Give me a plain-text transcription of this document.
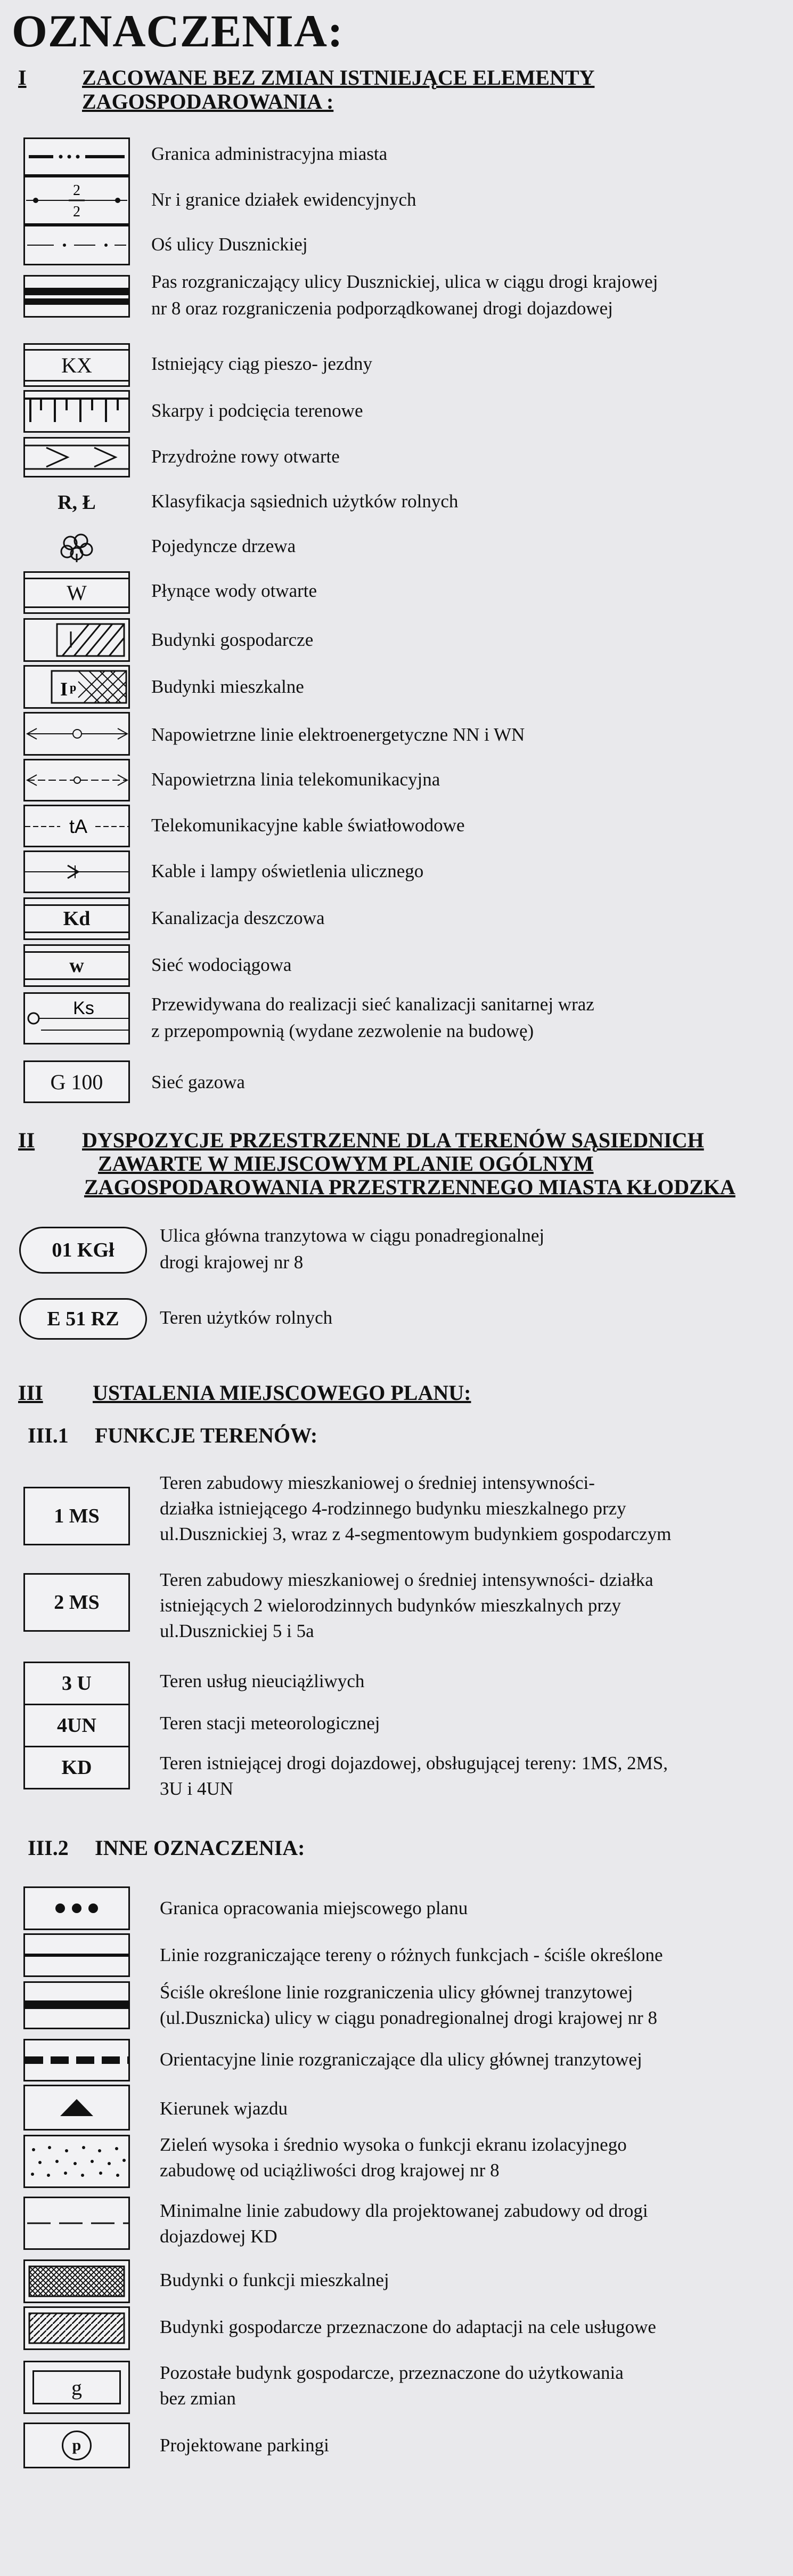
OZNACZENIA:
I	ZACOWANE BEZ ZMIAN ISTNIEJĄCE ELEMENTY
ZAGOSPODAROWANIA :
Granica administracyjna miasta
2
2
Nr i granice działek ewidencyjnych
Oś ulicy Dusznickiej
Pas rozgraniczający ulicy Dusznickiej, ulica w ciągu drogi krajowej
nr 8 oraz rozgraniczenia podporządkowanej drogi dojazdowej
KX	Istniejący ciąg pieszo- jezdny
Skarpy i podcięcia terenowe
Przydrożne rowy otwarte
R, Ł	Klasyfikacja sąsiednich użytków rolnych
Pojedyncze drzewa
W	Płynące wody otwarte
Budynki gospodarcze
I p	Budynki mieszkalne
Napowietrzne linie elektroenergetyczne NN i WN
Napowietrzna linia telekomunikacyjna
tA	Telekomunikacyjne kable światłowodowe
Kable i lampy oświetlenia ulicznego
Kd	Kanalizacja deszczowa
w	Sieć wodociągowa
Ks	Przewidywana do realizacji sieć kanalizacji sanitarnej wraz
z przepompownią (wydane zezwolenie na budowę)
G 100	Sieć gazowa
II DYSPOZYCJE PRZESTRZENNE DLA TERENÓW SĄSIEDNICH
ZAWARTE W MIEJSCOWYM PLANIE OGÓLNYM
ZAGOSPODAROWANIA PRZESTRZENNEGO MIASTA KŁODZKA
01 KGł
Ulica główna tranzytowa w ciągu ponadregionalnej
drogi krajowej nr 8
E 51 RZ Teren użytków rolnych
III USTALENIA MIEJSCOWEGO PLANU:
III.1 FUNKCJE TERENÓW:
1 MS
Teren zabudowy mieszkaniowej o średniej intensywności-
działka istniejącego 4-rodzinnego budynku mieszkalnego przy
ul.Dusznickiej 3, wraz z 4-segmentowym budynkiem gospodarczym
2 MS
Teren zabudowy mieszkaniowej o średniej intensywności- działka
istniejących 2 wielorodzinnych budynków mieszkalnych przy
ul.Dusznickiej 5 i 5a
3 U	Teren usług nieuciążliwych
4UN	Teren stacji meteorologicznej
KD	Teren istniejącej drogi dojazdowej, obsługującej tereny: 1MS, 2MS,
3U i 4UN
III.2 INNE OZNACZENIA:
Granica opracowania miejscowego planu
Linie rozgraniczające tereny o różnych funkcjach - ściśle określone
Ściśle określone linie rozgraniczenia ulicy głównej tranzytowej
(ul.Dusznicka) ulicy w ciągu ponadregionalnej drogi krajowej nr 8
Orientacyjne linie rozgraniczające dla ulicy głównej tranzytowej
Kierunek wjazdu
Zieleń wysoka i średnio wysoka o funkcji ekranu izolacyjnego
zabudowę od uciążliwości drog krajowej nr 8
Minimalne linie zabudowy dla projektowanej zabudowy od drogi
dojazdowej KD
Budynki o funkcji mieszkalnej
Budynki gospodarcze przeznaczone do adaptacji na cele usługowe
g
Pozostałe budynk gospodarcze, przeznaczone do użytkowania
bez zmian
p	Projektowane parkingi
